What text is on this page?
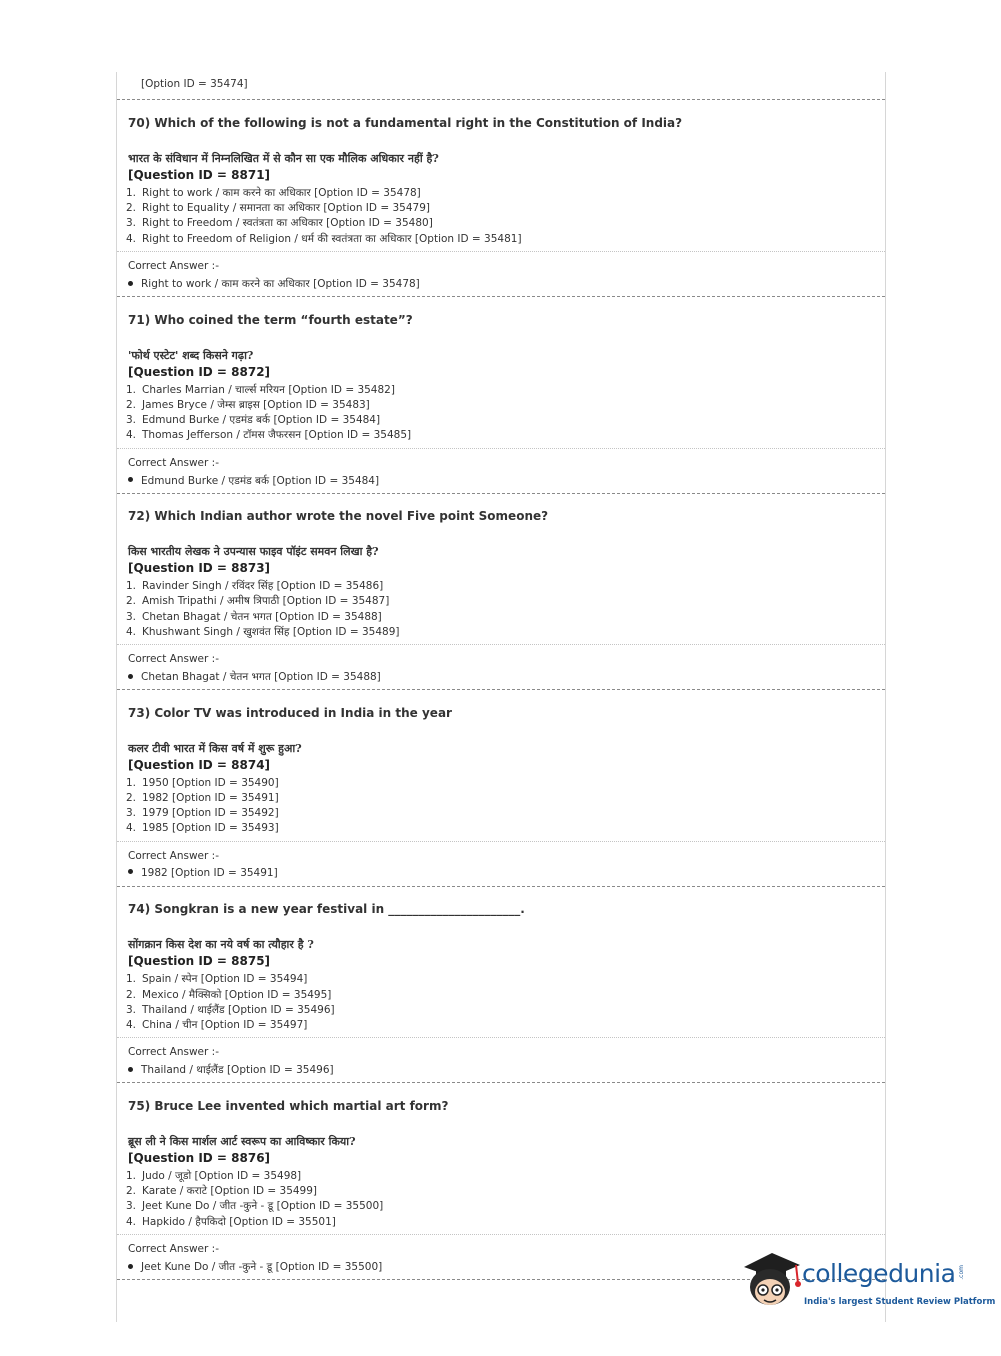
[Option ID = 35474]
70) Which of the following is not a fundamental right in the Constitution of India?
भारत के संविधान में निम्नलिखित में से कौन सा एक मौलिक अधिकार नहीं है?
[Question ID = 8871]
1. Right to work / काम करने का अधिकार [Option ID = 35478]
2. Right to Equality / समानता का अधिकार [Option ID = 35479]
3. Right to Freedom / स्वतंत्रता का अधिकार [Option ID = 35480]
4. Right to Freedom of Religion / धर्म की स्वतंत्रता का अधिकार [Option ID = 35481]
Correct Answer :-
Right to work / काम करने का अधिकार [Option ID = 35478]
71) Who coined the term “fourth estate”?
'फोर्थ एस्टेट' शब्द किसने गढ़ा?
[Question ID = 8872]
1. Charles Marrian / चार्ल्स मरियन [Option ID = 35482]
2. James Bryce / जेम्स ब्राइस [Option ID = 35483]
3. Edmund Burke / एडमंड बर्क [Option ID = 35484]
4. Thomas Jefferson / टॉमस जैफरसन [Option ID = 35485]
Correct Answer :-
Edmund Burke / एडमंड बर्क [Option ID = 35484]
72) Which Indian author wrote the novel Five point Someone?
किस भारतीय लेखक ने उपन्यास फाइव पॉइंट समवन लिखा है?
[Question ID = 8873]
1. Ravinder Singh / रविंदर सिंह [Option ID = 35486]
2. Amish Tripathi / अमीष त्रिपाठी [Option ID = 35487]
3. Chetan Bhagat / चेतन भगत [Option ID = 35488]
4. Khushwant Singh / खुशवंत सिंह [Option ID = 35489]
Correct Answer :-
Chetan Bhagat / चेतन भगत [Option ID = 35488]
73) Color TV was introduced in India in the year
कलर टीवी भारत में किस वर्ष में शुरू हुआ?
[Question ID = 8874]
1. 1950 [Option ID = 35490]
2. 1982 [Option ID = 35491]
3. 1979 [Option ID = 35492]
4. 1985 [Option ID = 35493]
Correct Answer :-
1982 [Option ID = 35491]
74) Songkran is a new year festival in ______________________.
सोंगक्रान किस देश का नये वर्ष का त्यौहार है ?
[Question ID = 8875]
1. Spain / स्पेन [Option ID = 35494]
2. Mexico / मैक्सिको [Option ID = 35495]
3. Thailand / थाईलैंड [Option ID = 35496]
4. China / चीन [Option ID = 35497]
Correct Answer :-
Thailand / थाईलैंड [Option ID = 35496]
75) Bruce Lee invented which martial art form?
ब्रूस ली ने किस मार्शल आर्ट स्वरूप का आविष्कार किया?
[Question ID = 8876]
1. Judo / जूडो [Option ID = 35498]
2. Karate / कराटे [Option ID = 35499]
3. Jeet Kune Do / जीत -कुने - डू [Option ID = 35500]
4. Hapkido / हैपकिदो [Option ID = 35501]
Correct Answer :-
Jeet Kune Do / जीत -कुने - डू [Option ID = 35500]	collegedunia .com
India's largest Student Review Platform
